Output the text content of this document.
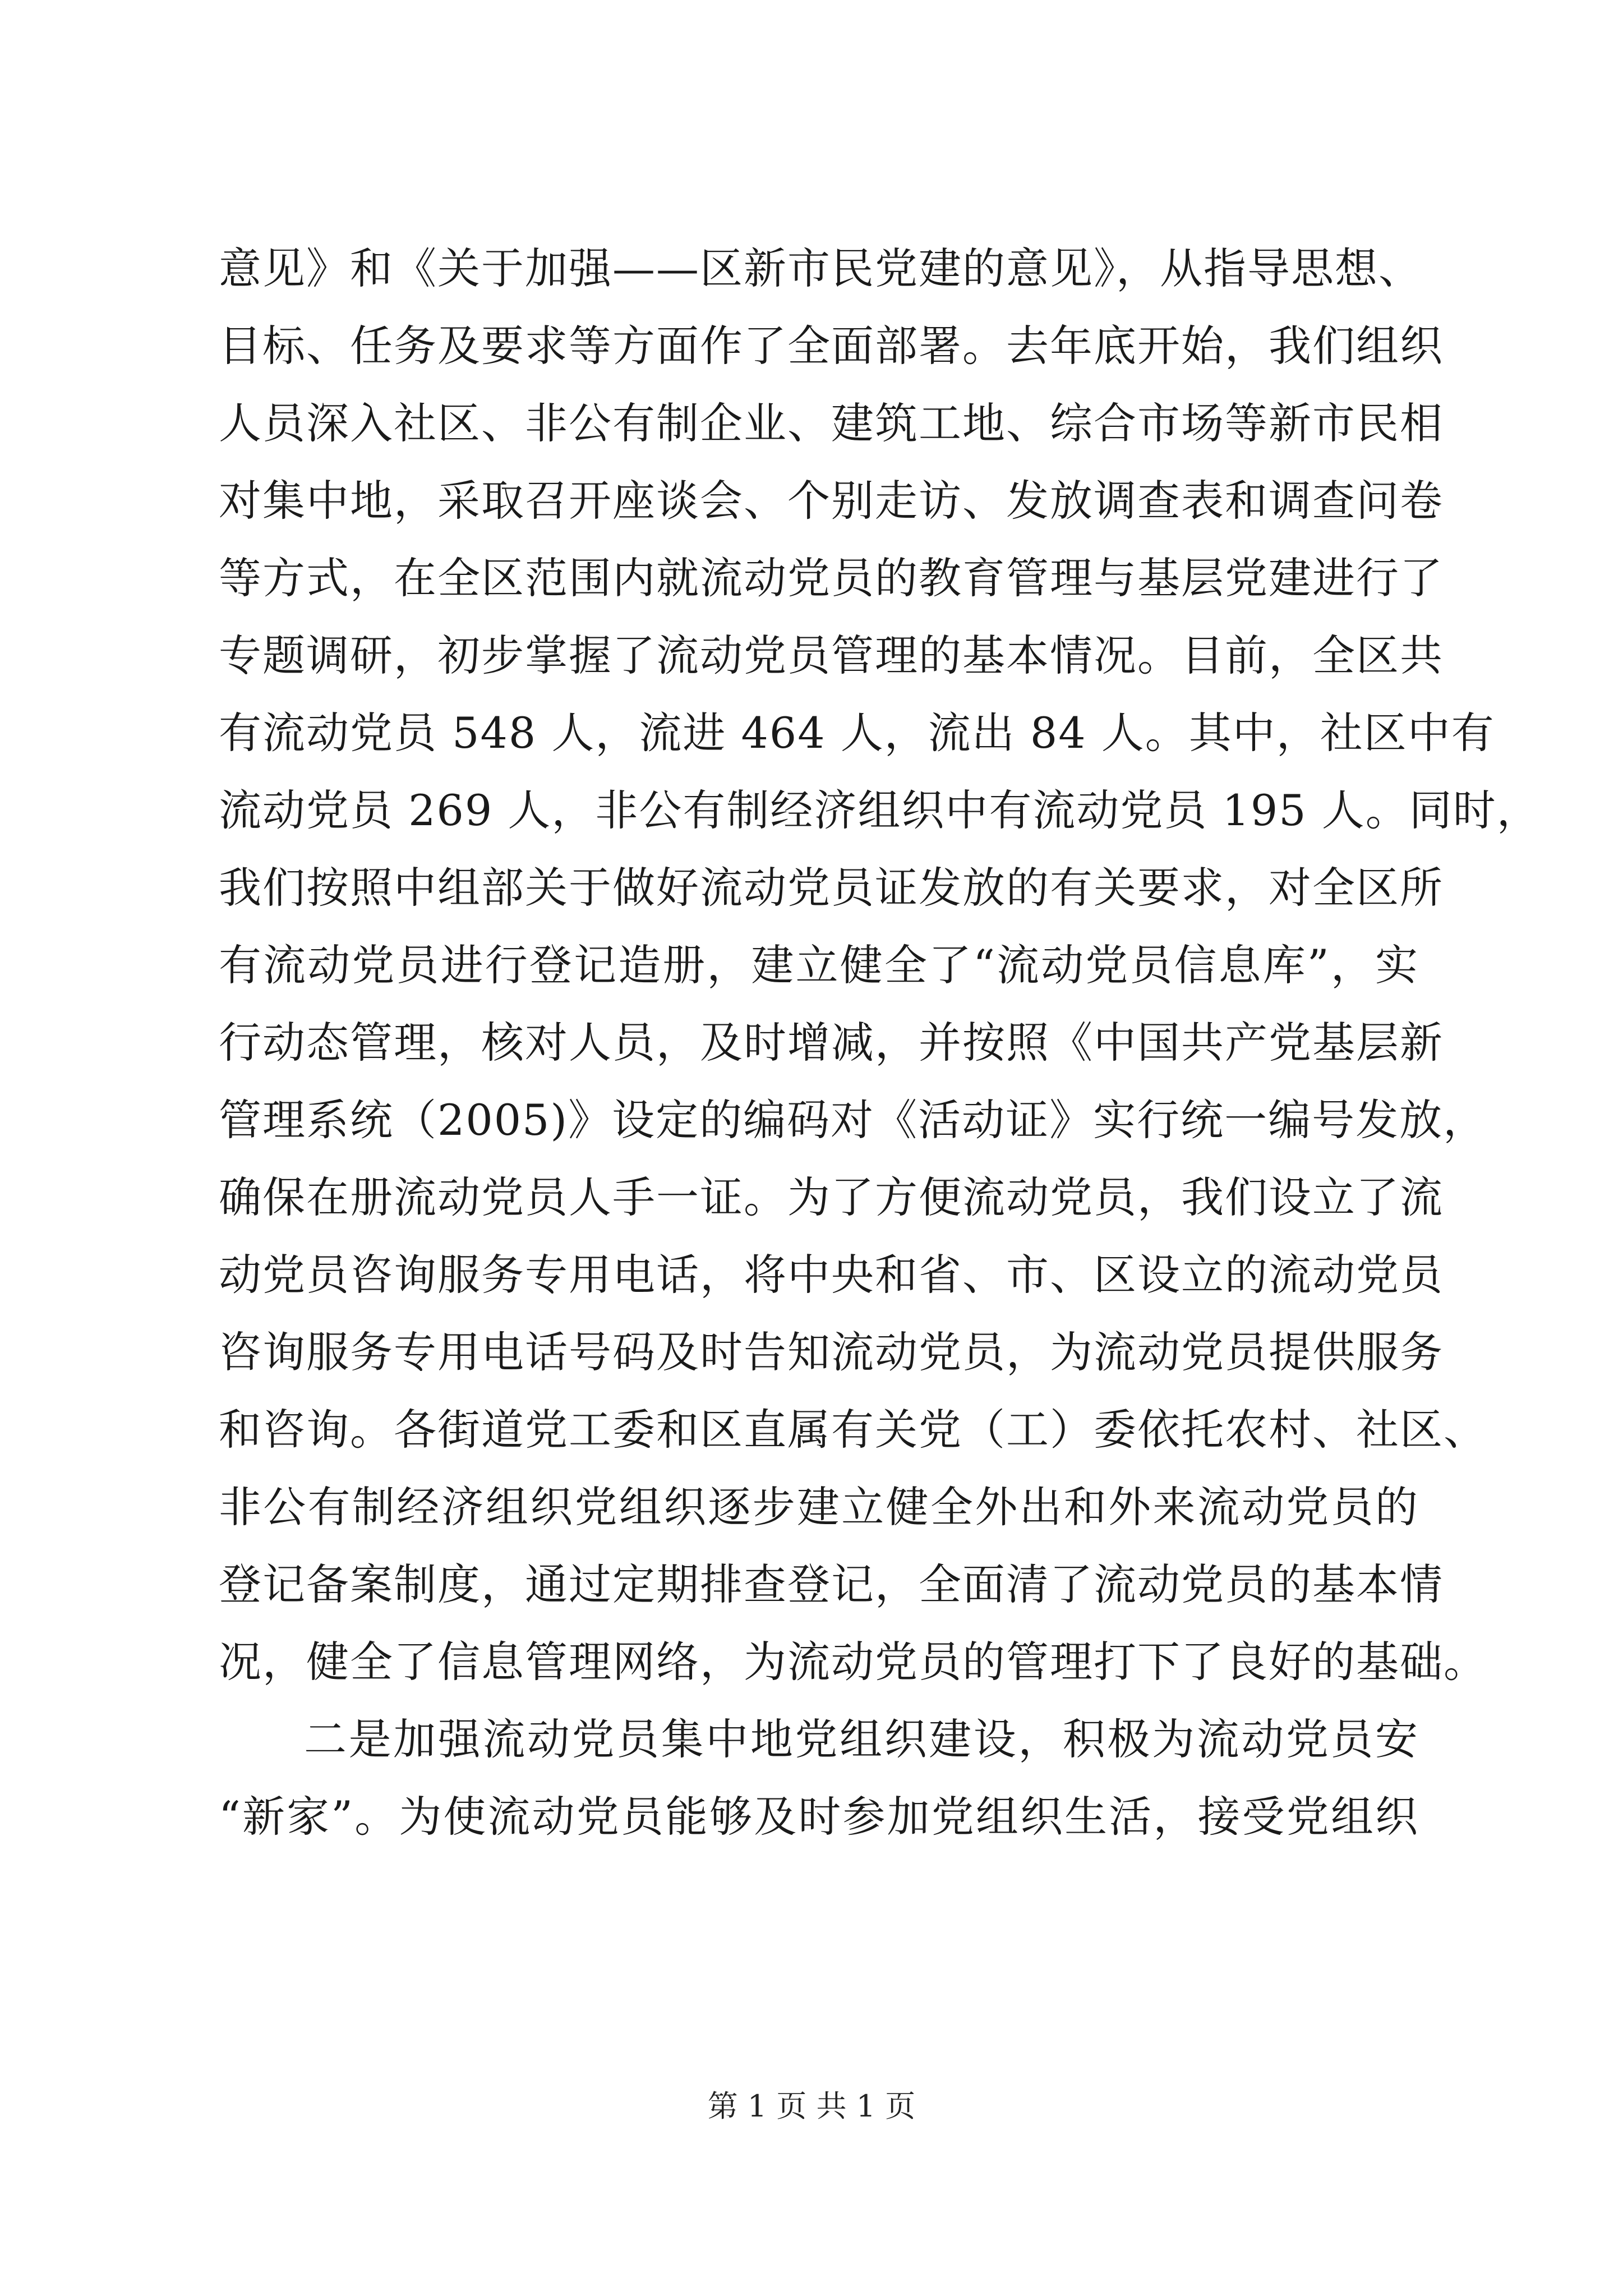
意见》和《关于加强——区新市民党建的意见》，从指导思想、
目标、任务及要求等方面作了全面部署。去年底开始，我们组织
人员深入社区、非公有制企业、建筑工地、综合市场等新市民相
对集中地，采取召开座谈会、个别走访、发放调查表和调查问卷
等方式，在全区范围内就流动党员的教育管理与基层党建进行了
专题调研，初步掌握了流动党员管理的基本情况。目前，全区共
有流动党员 548 人，流进 464 人，流出 84 人。其中，社区中有
流动党员 269 人，非公有制经济组织中有流动党员 195 人。同时，
我们按照中组部关于做好流动党员证发放的有关要求，对全区所
有流动党员进行登记造册，建立健全了“流动党员信息库”，实
行动态管理，核对人员，及时增减，并按照《中国共产党基层新
管理系统（2005)》设定的编码对《活动证》实行统一编号发放，
确保在册流动党员人手一证。为了方便流动党员，我们设立了流
动党员咨询服务专用电话，将中央和省、市、区设立的流动党员
咨询服务专用电话号码及时告知流动党员，为流动党员提供服务
和咨询。各街道党工委和区直属有关党（工）委依托农村、社区、
非公有制经济组织党组织逐步建立健全外出和外来流动党员的
登记备案制度，通过定期排查登记，全面清了流动党员的基本情
况，健全了信息管理网络，为流动党员的管理打下了良好的基础。
二是加强流动党员集中地党组织建设，积极为流动党员安
“新家”。为使流动党员能够及时参加党组织生活，接受党组织
第 1 页 共 1 页
